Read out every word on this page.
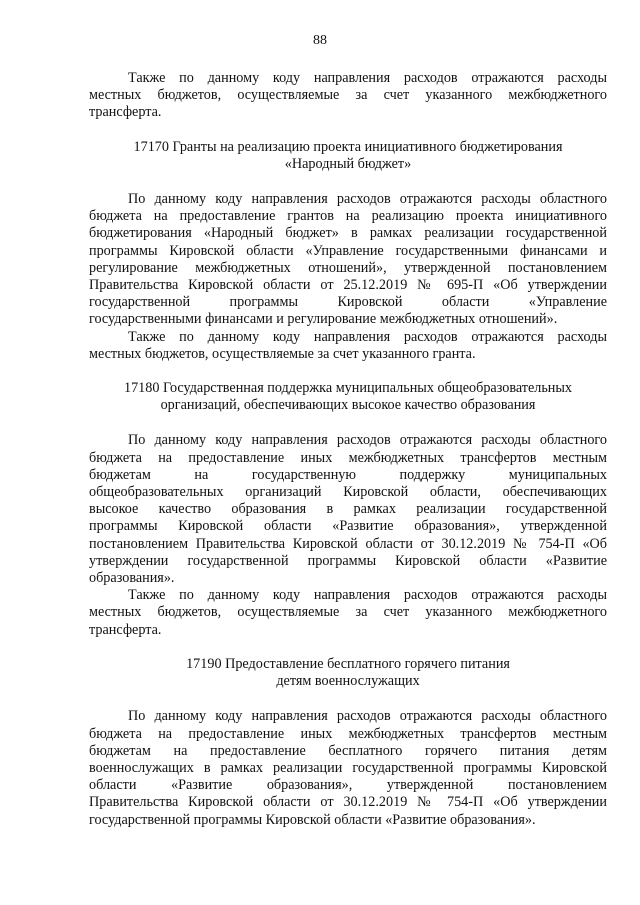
88

Также по данному коду направления расходов отражаются расходы
местных бюджетов, осуществляемые за счет указанного межбюджетного
трансферта.

17170 Гранты на реализацию проекта инициативного бюджетирования
«Народный бюджет»

По данному коду направления расходов отражаются расходы областного
бюджета на предоставление грантов на реализацию проекта инициативного
бюджетирования «Народный бюджет» в рамках реализации государственной
программы Кировской области «Управление государственными финансами и
регулирование межбюджетных отношений», утвержденной постановлением
Правительства Кировской области от 25.12.2019 № 695-П «Об утверждении
государственной программы Кировской области «Управление
государственными финансами и регулирование межбюджетных отношений».

Также по данному коду направления расходов отражаются расходы
местных бюджетов, осуществляемые за счет указанного гранта.

17180 Государственная поддержка муниципальных общеобразовательных
организаций, обеспечивающих высокое качество образования

По данному коду направления расходов отражаются расходы областного
бюджета на предоставление иных межбюджетных трансфертов местным
бюджетам на государственную поддержку муниципальных
общеобразовательных организаций Кировской области, обеспечивающих
высокое качество образования в рамках реализации государственной
программы Кировской области «Развитие образования», утвержденной
постановлением Правительства Кировской области от 30.12.2019 № 754-П «Об
утверждении государственной программы Кировской области «Развитие
образования».

Также по данному коду направления расходов отражаются расходы
местных бюджетов, осуществляемые за счет указанного межбюджетного
трансферта.

17190 Предоставление бесплатного горячего питания
детям военнослужащих

По данному коду направления расходов отражаются расходы областного
бюджета на предоставление иных межбюджетных трансфертов местным
бюджетам на предоставление бесплатного горячего питания детям
военнослужащих в рамках реализации государственной программы Кировской
области «Развитие образования», утвержденной постановлением
Правительства Кировской области от 30.12.2019 № 754-П «Об утверждении
государственной программы Кировской области «Развитие образования».
